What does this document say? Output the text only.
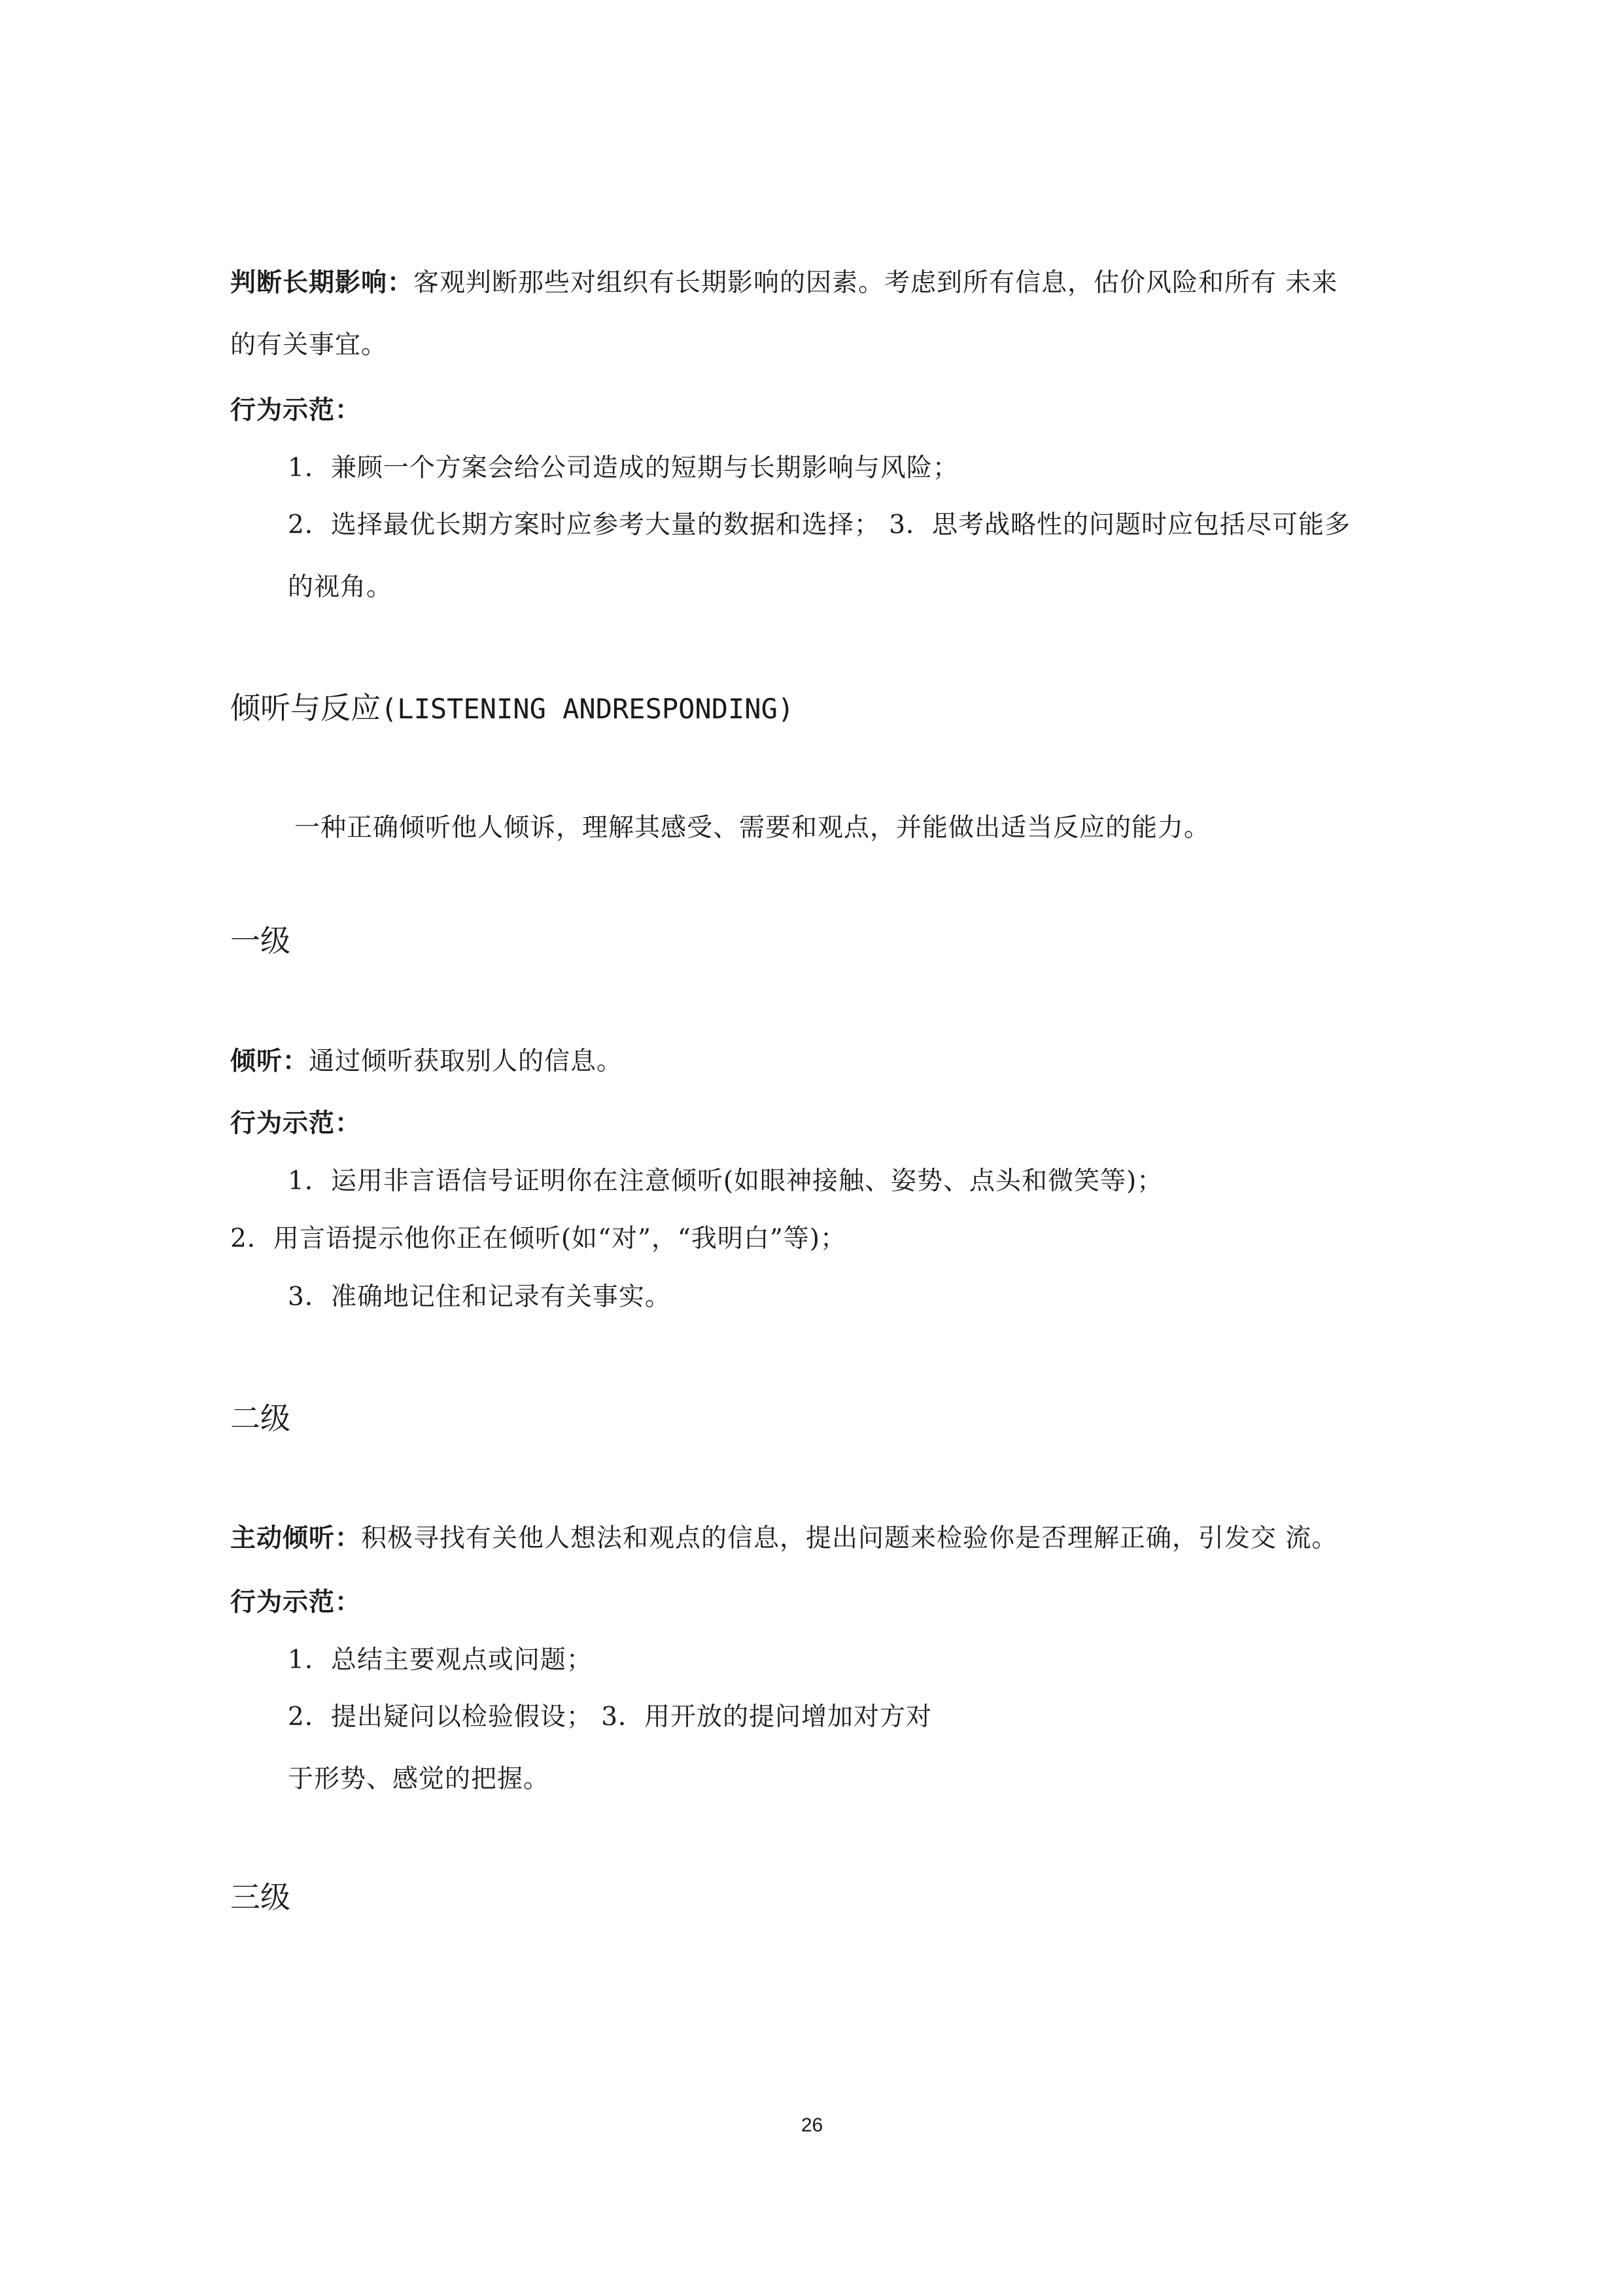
判断长期影响：客观判断那些对组织有长期影响的因素。考虑到所有信息，估价风险和所有 未来
的有关事宜。
行为示范：
1．兼顾一个方案会给公司造成的短期与长期影响与风险；
2．选择最优长期方案时应参考大量的数据和选择； 3．思考战略性的问题时应包括尽可能多
的视角。
倾听与反应(LISTENING ANDRESPONDING)
一种正确倾听他人倾诉，理解其感受、需要和观点，并能做出适当反应的能力。
一级
倾听：通过倾听获取别人的信息。
行为示范：
1．运用非言语信号证明你在注意倾听(如眼神接触、姿势、点头和微笑等)；
2．用言语提示他你正在倾听(如“对”，“我明白”等)；
3．准确地记住和记录有关事实。
二级
主动倾听：积极寻找有关他人想法和观点的信息，提出问题来检验你是否理解正确，引发交 流。
行为示范：
1．总结主要观点或问题；
2．提出疑问以检验假设； 3．用开放的提问增加对方对
于形势、感觉的把握。
三级
26
